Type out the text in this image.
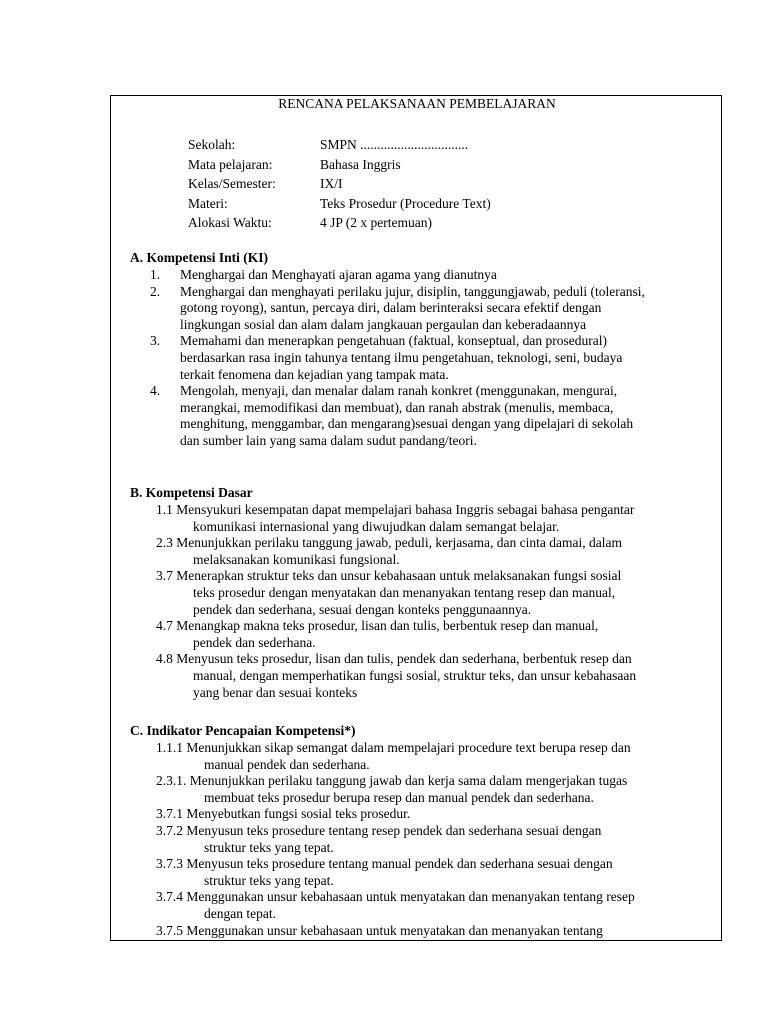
RENCANA PELAKSANAAN PEMBELAJARAN
Sekolah:	SMPN ................................
Mata pelajaran:	Bahasa Inggris
Kelas/Semester:	IX/I
Materi:	Teks Prosedur (Procedure Text)
Alokasi Waktu:	4 JP (2 x pertemuan)
A. Kompetensi Inti (KI)
1. Menghargai dan Menghayati ajaran agama yang dianutnya
2. Menghargai dan menghayati perilaku jujur, disiplin, tanggungjawab, peduli (toleransi,
gotong royong), santun, percaya diri, dalam berinteraksi secara efektif dengan
lingkungan sosial dan alam dalam jangkauan pergaulan dan keberadaannya
3. Memahami dan menerapkan pengetahuan (faktual, konseptual, dan prosedural)
berdasarkan rasa ingin tahunya tentang ilmu pengetahuan, teknologi, seni, budaya
terkait fenomena dan kejadian yang tampak mata.
4. Mengolah, menyaji, dan menalar dalam ranah konkret (menggunakan, mengurai,
merangkai, memodifikasi dan membuat), dan ranah abstrak (menulis, membaca,
menghitung, menggambar, dan mengarang)sesuai dengan yang dipelajari di sekolah
dan sumber lain yang sama dalam sudut pandang/teori.
B. Kompetensi Dasar
1.1 Mensyukuri kesempatan dapat mempelajari bahasa Inggris sebagai bahasa pengantar
komunikasi internasional yang diwujudkan dalam semangat belajar.
2.3 Menunjukkan perilaku tanggung jawab, peduli, kerjasama, dan cinta damai, dalam
melaksanakan komunikasi fungsional.
3.7 Menerapkan struktur teks dan unsur kebahasaan untuk melaksanakan fungsi sosial
teks prosedur dengan menyatakan dan menanyakan tentang resep dan manual,
pendek dan sederhana, sesuai dengan konteks penggunaannya.
4.7 Menangkap makna teks prosedur, lisan dan tulis, berbentuk resep dan manual,
pendek dan sederhana.
4.8 Menyusun teks prosedur, lisan dan tulis, pendek dan sederhana, berbentuk resep dan
manual, dengan memperhatikan fungsi sosial, struktur teks, dan unsur kebahasaan
yang benar dan sesuai konteks
C. Indikator Pencapaian Kompetensi*)
1.1.1 Menunjukkan sikap semangat dalam mempelajari procedure text berupa resep dan
manual pendek dan sederhana.
2.3.1. Menunjukkan perilaku tanggung jawab dan kerja sama dalam mengerjakan tugas
membuat teks prosedur berupa resep dan manual pendek dan sederhana.
3.7.1 Menyebutkan fungsi sosial teks prosedur.
3.7.2 Menyusun teks prosedure tentang resep pendek dan sederhana sesuai dengan
struktur teks yang tepat.
3.7.3 Menyusun teks prosedure tentang manual pendek dan sederhana sesuai dengan
struktur teks yang tepat.
3.7.4 Menggunakan unsur kebahasaan untuk menyatakan dan menanyakan tentang resep
dengan tepat.
3.7.5 Menggunakan unsur kebahasaan untuk menyatakan dan menanyakan tentang
